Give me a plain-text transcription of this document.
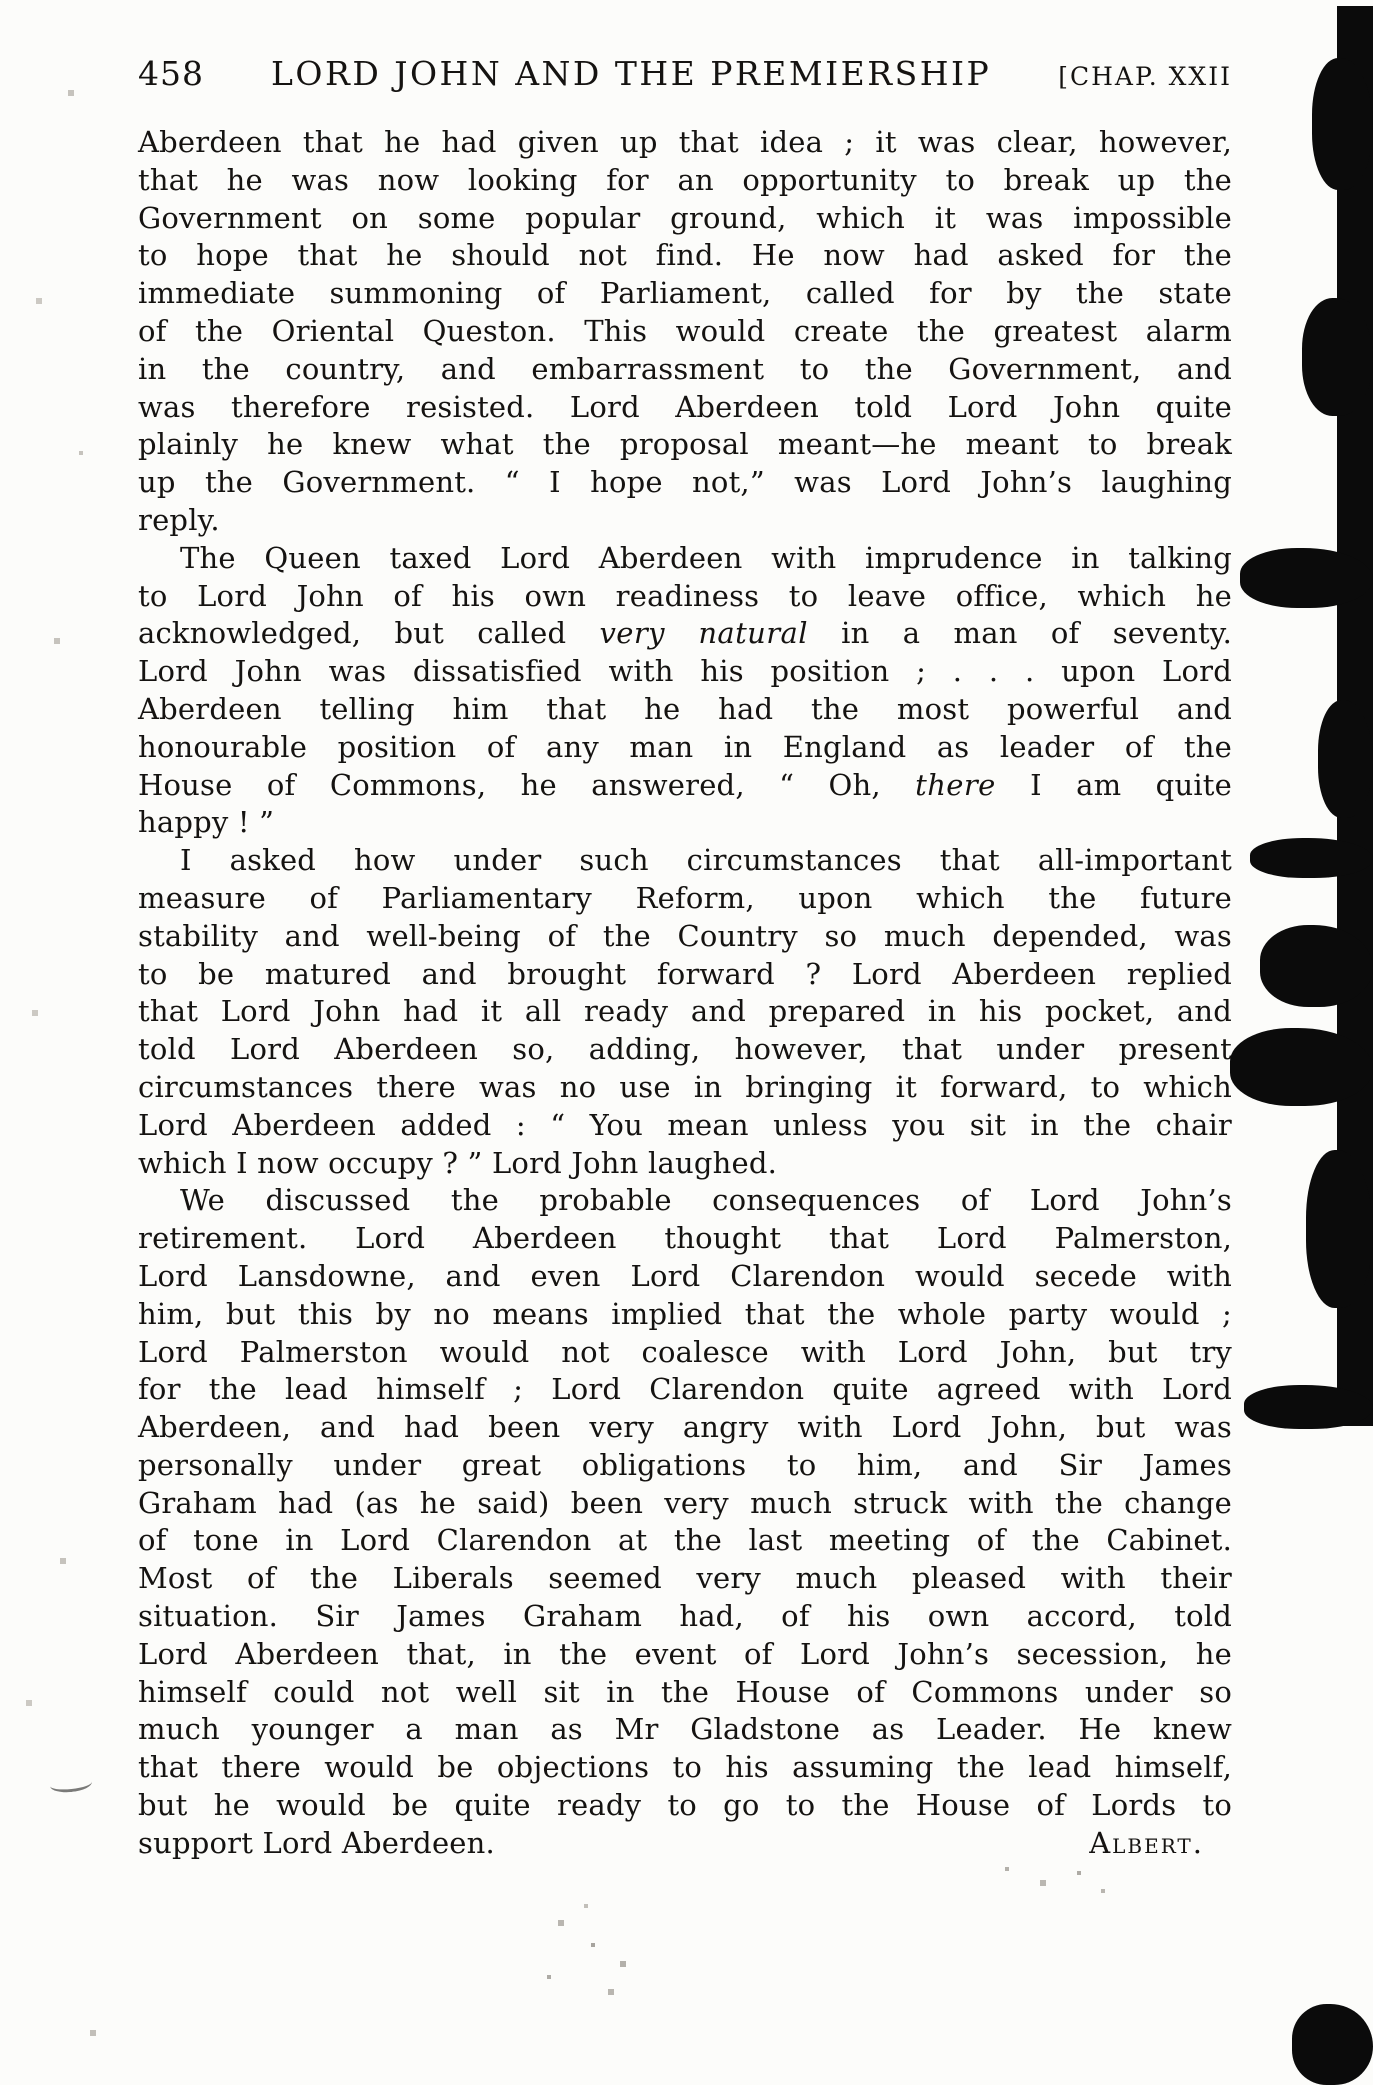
458 LORD JOHN AND THE PREMIERSHIP	[CHAP. XXII
Aberdeen that he had given up that idea ; it was clear, however,
that he was now looking for an opportunity to break up the
Government on some popular ground, which it was impossible
to hope that he should not find. He now had asked for the
immediate summoning of Parliament, called for by the state
of the Oriental Queston. This would create the greatest alarm
in the country, and embarrassment to the Government, and
was therefore resisted. Lord Aberdeen told Lord John quite
plainly he knew what the proposal meant—he meant to break
up the Government. “ I hope not,” was Lord John’s laughing
reply.
The Queen taxed Lord Aberdeen with imprudence in talking
to Lord John of his own readiness to leave office, which he
acknowledged, but called very natural in a man of seventy.
Lord John was dissatisfied with his position ; . . . upon Lord
Aberdeen telling him that he had the most powerful and
honourable position of any man in England as leader of the
House of Commons, he answered, “ Oh, there I am quite
happy ! ”
I asked how under such circumstances that all-important
measure of Parliamentary Reform, upon which the future
stability and well-being of the Country so much depended, was
to be matured and brought forward ? Lord Aberdeen replied
that Lord John had it all ready and prepared in his pocket, and
told Lord Aberdeen so, adding, however, that under present
circumstances there was no use in bringing it forward, to which
Lord Aberdeen added : “ You mean unless you sit in the chair
which I now occupy ? ” Lord John laughed.
We discussed the probable consequences of Lord John’s
retirement. Lord Aberdeen thought that Lord Palmerston,
Lord Lansdowne, and even Lord Clarendon would secede with
him, but this by no means implied that the whole party would ;
Lord Palmerston would not coalesce with Lord John, but try
for the lead himself ; Lord Clarendon quite agreed with Lord
Aberdeen, and had been very angry with Lord John, but was
personally under great obligations to him, and Sir James
Graham had (as he said) been very much struck with the change
of tone in Lord Clarendon at the last meeting of the Cabinet.
Most of the Liberals seemed very much pleased with their
situation. Sir James Graham had, of his own accord, told
Lord Aberdeen that, in the event of Lord John’s secession, he
himself could not well sit in the House of Commons under so
much younger a man as Mr Gladstone as Leader. He knew
that there would be objections to his assuming the lead himself,
but he would be quite ready to go to the House of Lords to
support Lord Aberdeen.	Albert.
